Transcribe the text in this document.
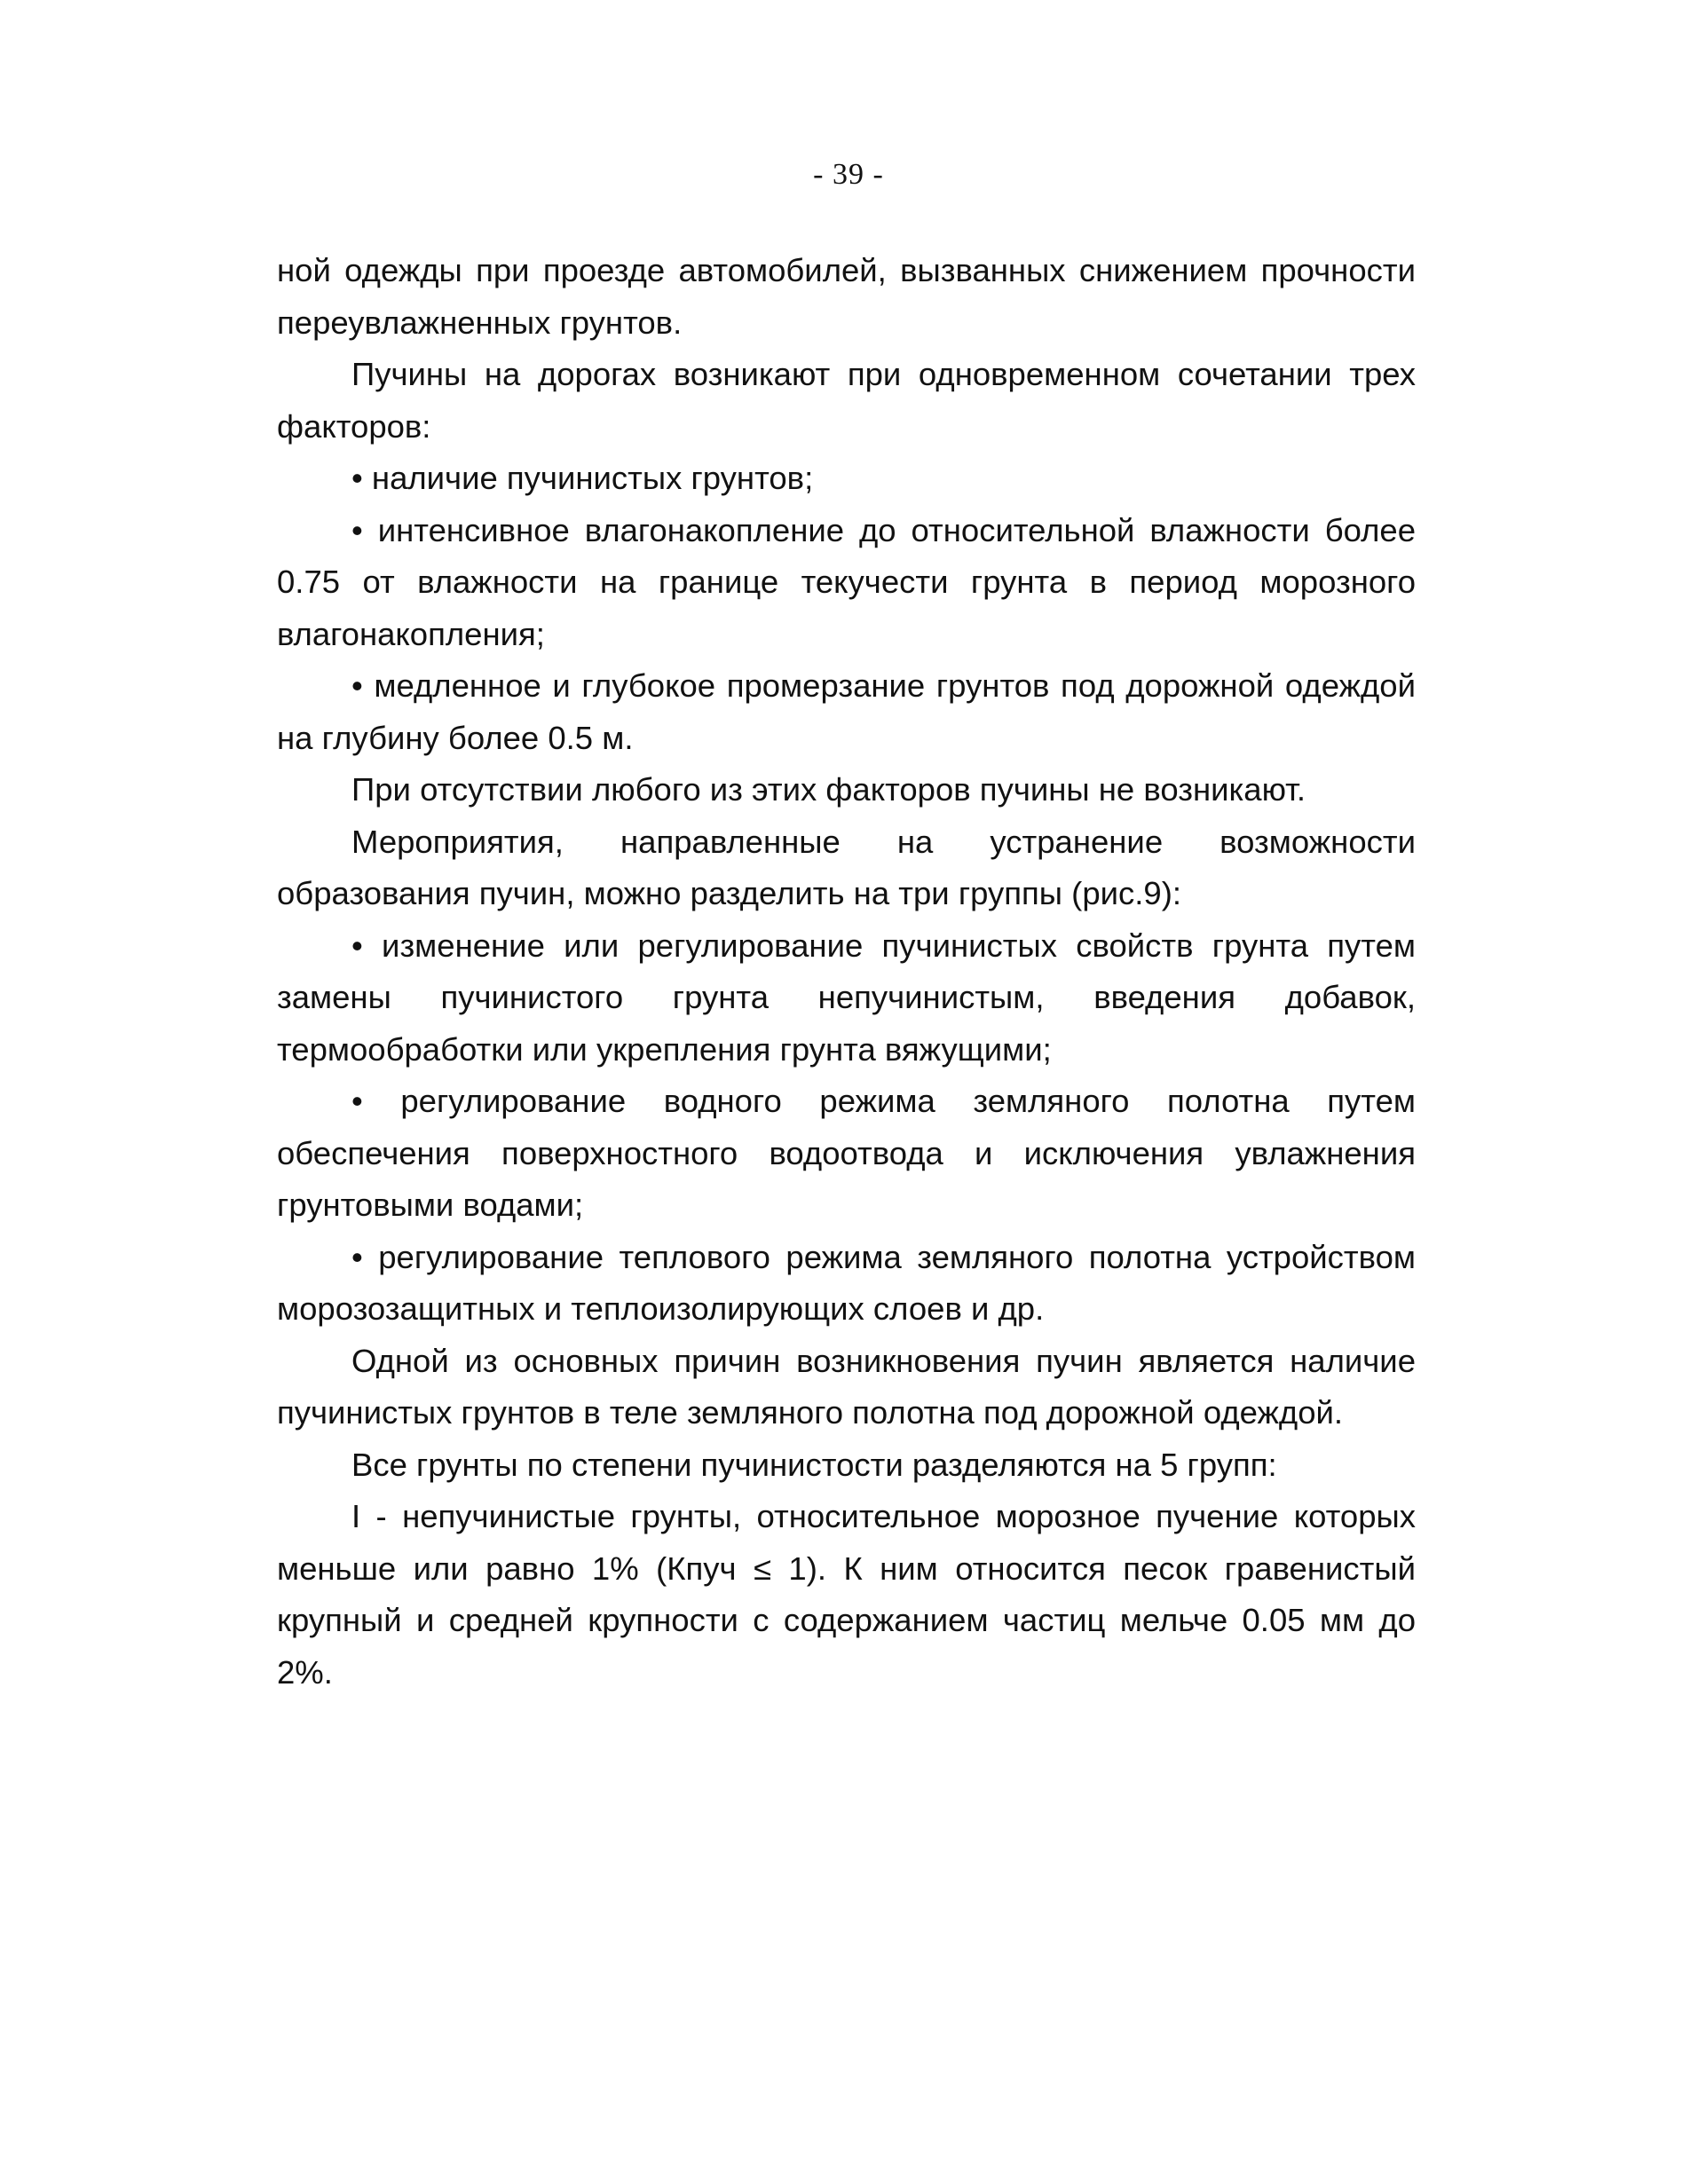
- 39 -

ной одежды при проезде автомобилей, вызванных снижением прочности переувлажненных грунтов.

Пучины на дорогах возникают при одновременном сочетании трех факторов:

• наличие пучинистых грунтов;

• интенсивное влагонакопление до относительной влажности более 0.75 от влажности на границе текучести грунта в период морозного влагонакопления;

• медленное и глубокое промерзание грунтов под дорожной одеждой на глубину более 0.5 м.

При отсутствии любого из этих факторов пучины не возникают.

Мероприятия, направленные на устранение возможности образования пучин, можно разделить на три группы (рис.9):

• изменение или регулирование пучинистых свойств грунта путем замены пучинистого грунта непучинистым, введения добавок, термообработки или укрепления грунта вяжущими;

• регулирование водного режима земляного полотна путем обеспечения поверхностного водоотвода и исключения увлажнения грунтовыми водами;

• регулирование теплового режима земляного полотна устройством морозозащитных и теплоизолирующих слоев и др.

Одной из основных причин возникновения пучин является наличие пучинистых грунтов в теле земляного полотна под дорожной одеждой.

Все грунты по степени пучинистости разделяются на 5 групп:

I - непучинистые грунты, относительное морозное пучение которых меньше или равно 1% (Кпуч ≤ 1). К ним относится песок гравенистый крупный и средней крупности с содержанием частиц мельче 0.05 мм до 2%.
